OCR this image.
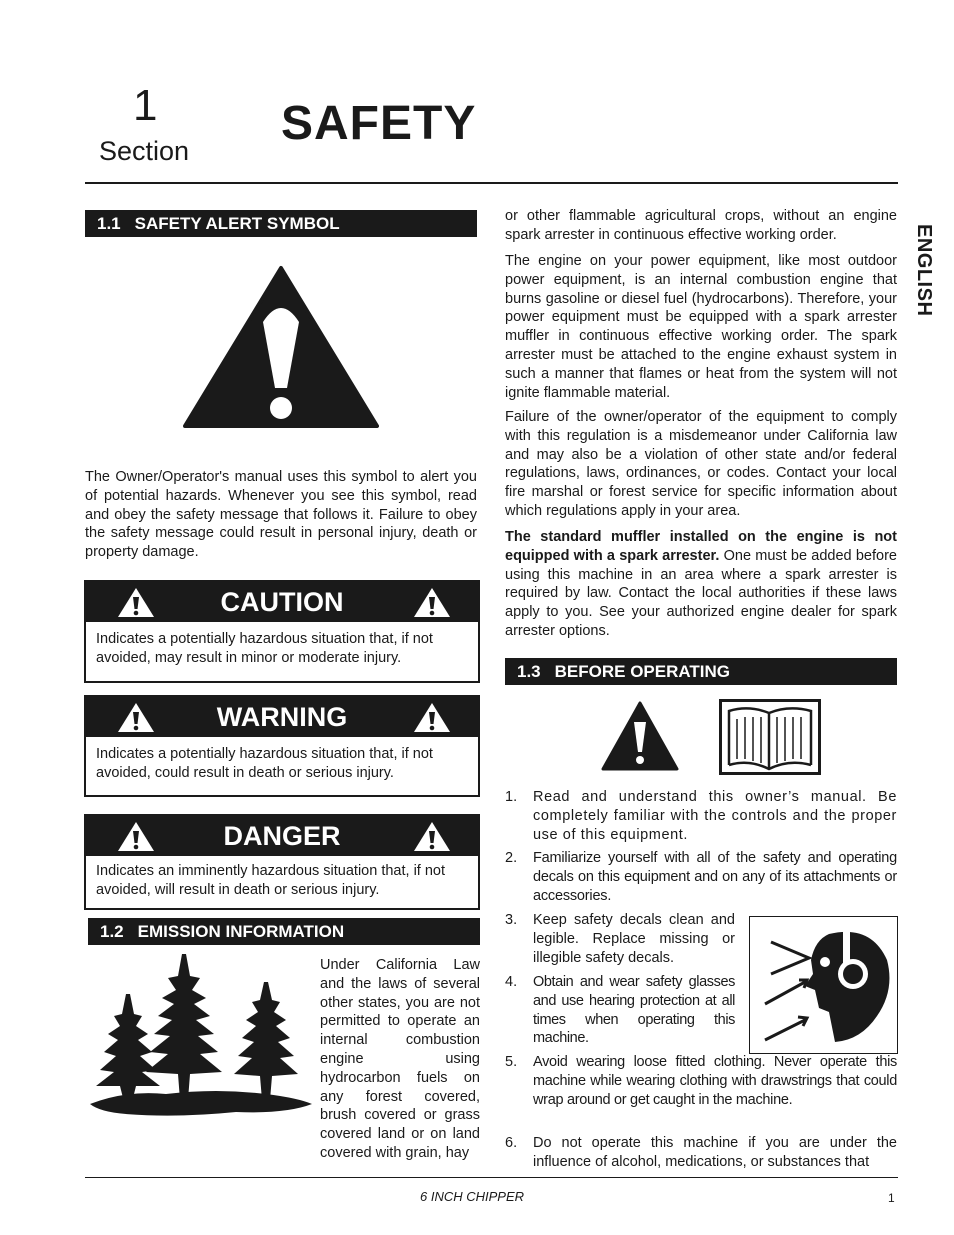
1
Section
SAFETY
ENGLISH
1.1 SAFETY ALERT SYMBOL
The Owner/Operator's manual uses this symbol to alert you of potential hazards. Whenever you see this symbol, read and obey the safety message that follows it. Failure to obey the safety message could result in personal injury, death or property damage.
CAUTION
Indicates a potentially hazardous situation that, if not avoided, may result in minor or moderate injury.
WARNING
Indicates a potentially hazardous situation that, if not avoided, could result in death or serious injury.
DANGER
Indicates an imminently hazardous situation that, if not avoided, will result in death or serious injury.
1.2 EMISSION INFORMATION
Under California Law and the laws of several other states, you are not permitted to operate an internal combustion engine using hydrocarbon fuels on any forest covered, brush covered or grass covered land or on land covered with grain, hay
or other flammable agricultural crops, without an engine spark arrester in continuous effective working order.
The engine on your power equipment, like most outdoor power equipment, is an internal combustion engine that burns gasoline or diesel fuel (hydrocarbons). Therefore, your power equipment must be equipped with a spark arrester muffler in continuous effective working order. The spark arrester must be attached to the engine exhaust system in such a manner that flames or heat from the system will not ignite flammable material.
Failure of the owner/operator of the equipment to comply with this regulation is a misdemeanor under California law and may also be a violation of other state and/or federal regulations, laws, ordinances, or codes. Contact your local fire marshal or forest service for specific information about which regulations apply in your area.
The standard muffler installed on the engine is not equipped with a spark arrester. One must be added before using this machine in an area where a spark arrester is required by law. Contact the local authorities if these laws apply to you. See your authorized engine dealer for spark arrester options.
1.3 BEFORE OPERATING
1. Read and understand this owner’s manual. Be completely familiar with the controls and the proper use of this equipment.
2. Familiarize yourself with all of the safety and operating decals on this equipment and on any of its attachments or accessories.
3. Keep safety decals clean and legible. Replace missing or illegible safety decals.
4. Obtain and wear safety glasses and use hearing protection at all times when operating this machine.
5. Avoid wearing loose fitted clothing. Never operate this machine while wearing clothing with drawstrings that could wrap around or get caught in the machine.
6. Do not operate this machine if you are under the influence of alcohol, medications, or substances that
6 INCH CHIPPER	1
